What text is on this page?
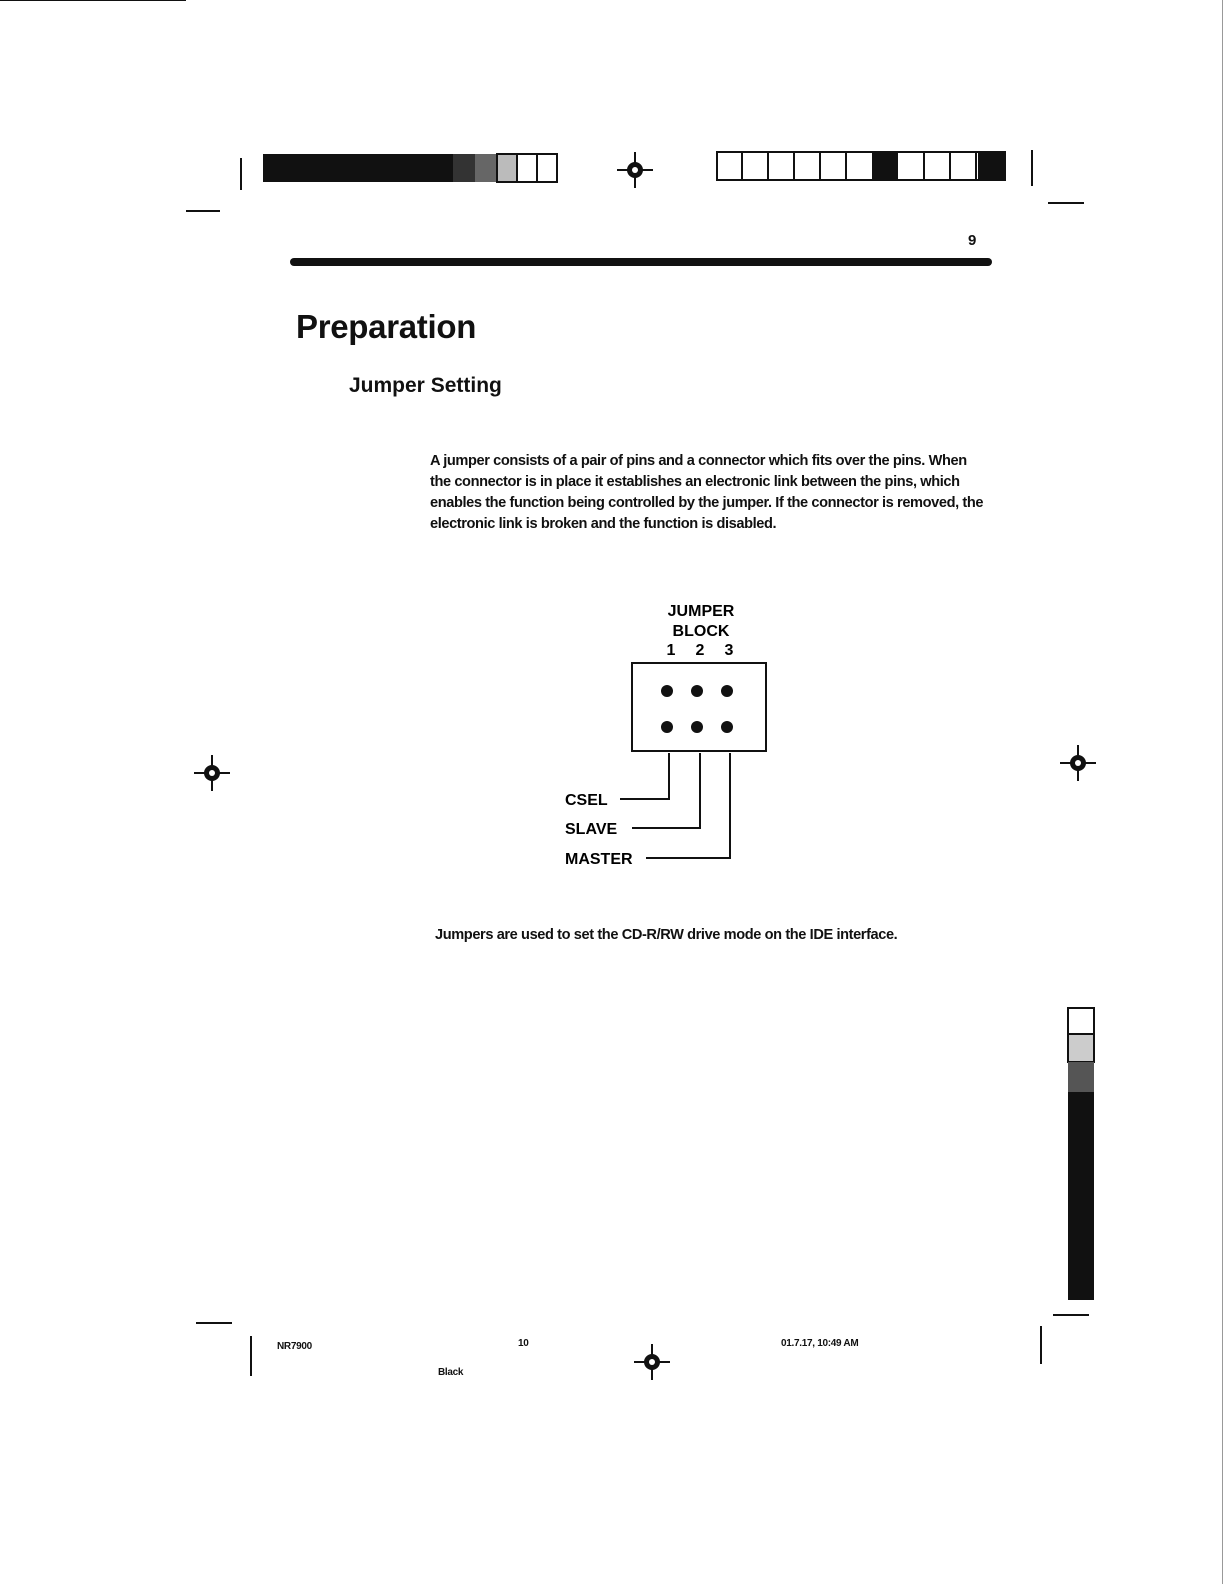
9
Preparation
Jumper Setting

A jumper consists of a pair of pins and a connector which fits over the pins. When the connector is in place it establishes an electronic link between the pins, which enables the function being controlled by the jumper. If the connector is removed, the electronic link is broken and the function is disabled.

JUMPER
BLOCK
1 2 3
CSEL
SLAVE
MASTER

Jumpers are used to set the CD-R/RW drive mode on the IDE interface.

NR7900	10
Black
01.7.17, 10:49 AM
